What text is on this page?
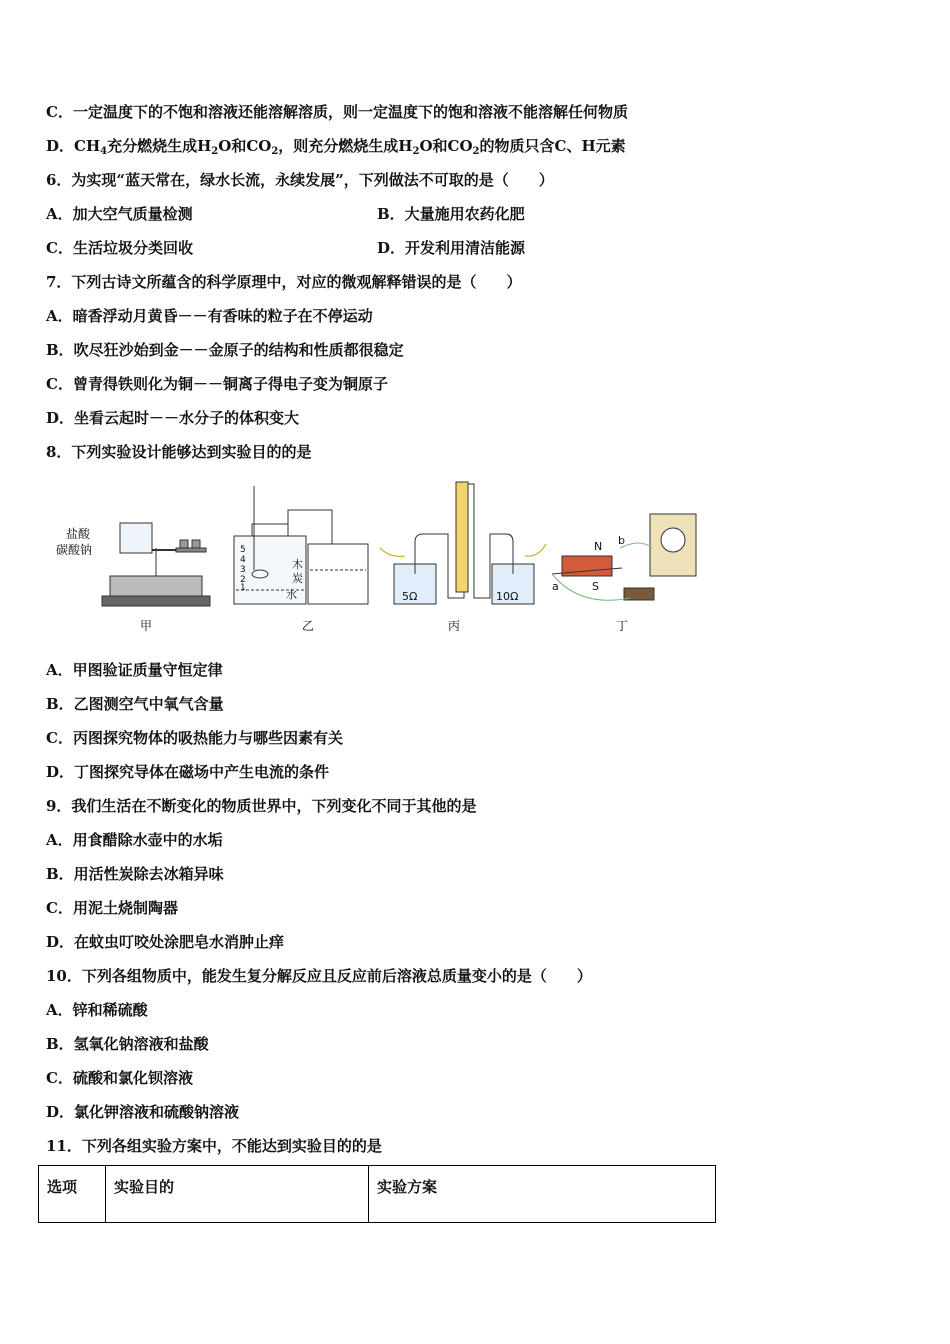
C．一定温度下的不饱和溶液还能溶解溶质，则一定温度下的饱和溶液不能溶解任何物质
D．$CH_4$充分燃烧生成$H_2O$和$CO_2$，则充分燃烧生成$H_2O$和$CO_2$的物质只含C、H元素
6．为实现“蓝天常在，绿水长流，永续发展”，下列做法不可取的是（　　）
A．加大空气质量检测	B．大量施用农药化肥
C．生活垃圾分类回收	D．开发利用清洁能源
7．下列古诗文所蕴含的科学原理中，对应的微观解释错误的是（　　）
A．暗香浮动月黄昏－－有香味的粒子在不停运动
B．吹尽狂沙始到金－－金原子的结构和性质都很稳定
C．曾青得铁则化为铜－－铜离子得电子变为铜原子
D．坐看云起时－－水分子的体积变大
8．下列实验设计能够达到实验目的的是
盐酸
碳酸钠
甲
5
4
3
2
1
木
炭
水
乙
5Ω	10Ω
丙
N b
a	S
丁
A．甲图验证质量守恒定律
B．乙图测空气中氧气含量
C．丙图探究物体的吸热能力与哪些因素有关
D．丁图探究导体在磁场中产生电流的条件
9．我们生活在不断变化的物质世界中，下列变化不同于其他的是
A．用食醋除水壶中的水垢
B．用活性炭除去冰箱异味
C．用泥土烧制陶器
D．在蚊虫叮咬处涂肥皂水消肿止痒
10．下列各组物质中，能发生复分解反应且反应前后溶液总质量变小的是（　　）
A．锌和稀硫酸
B．氢氧化钠溶液和盐酸
C．硫酸和氯化钡溶液
D．氯化钾溶液和硫酸钠溶液
11．下列各组实验方案中，不能达到实验目的的是
选项	实验目的	实验方案
